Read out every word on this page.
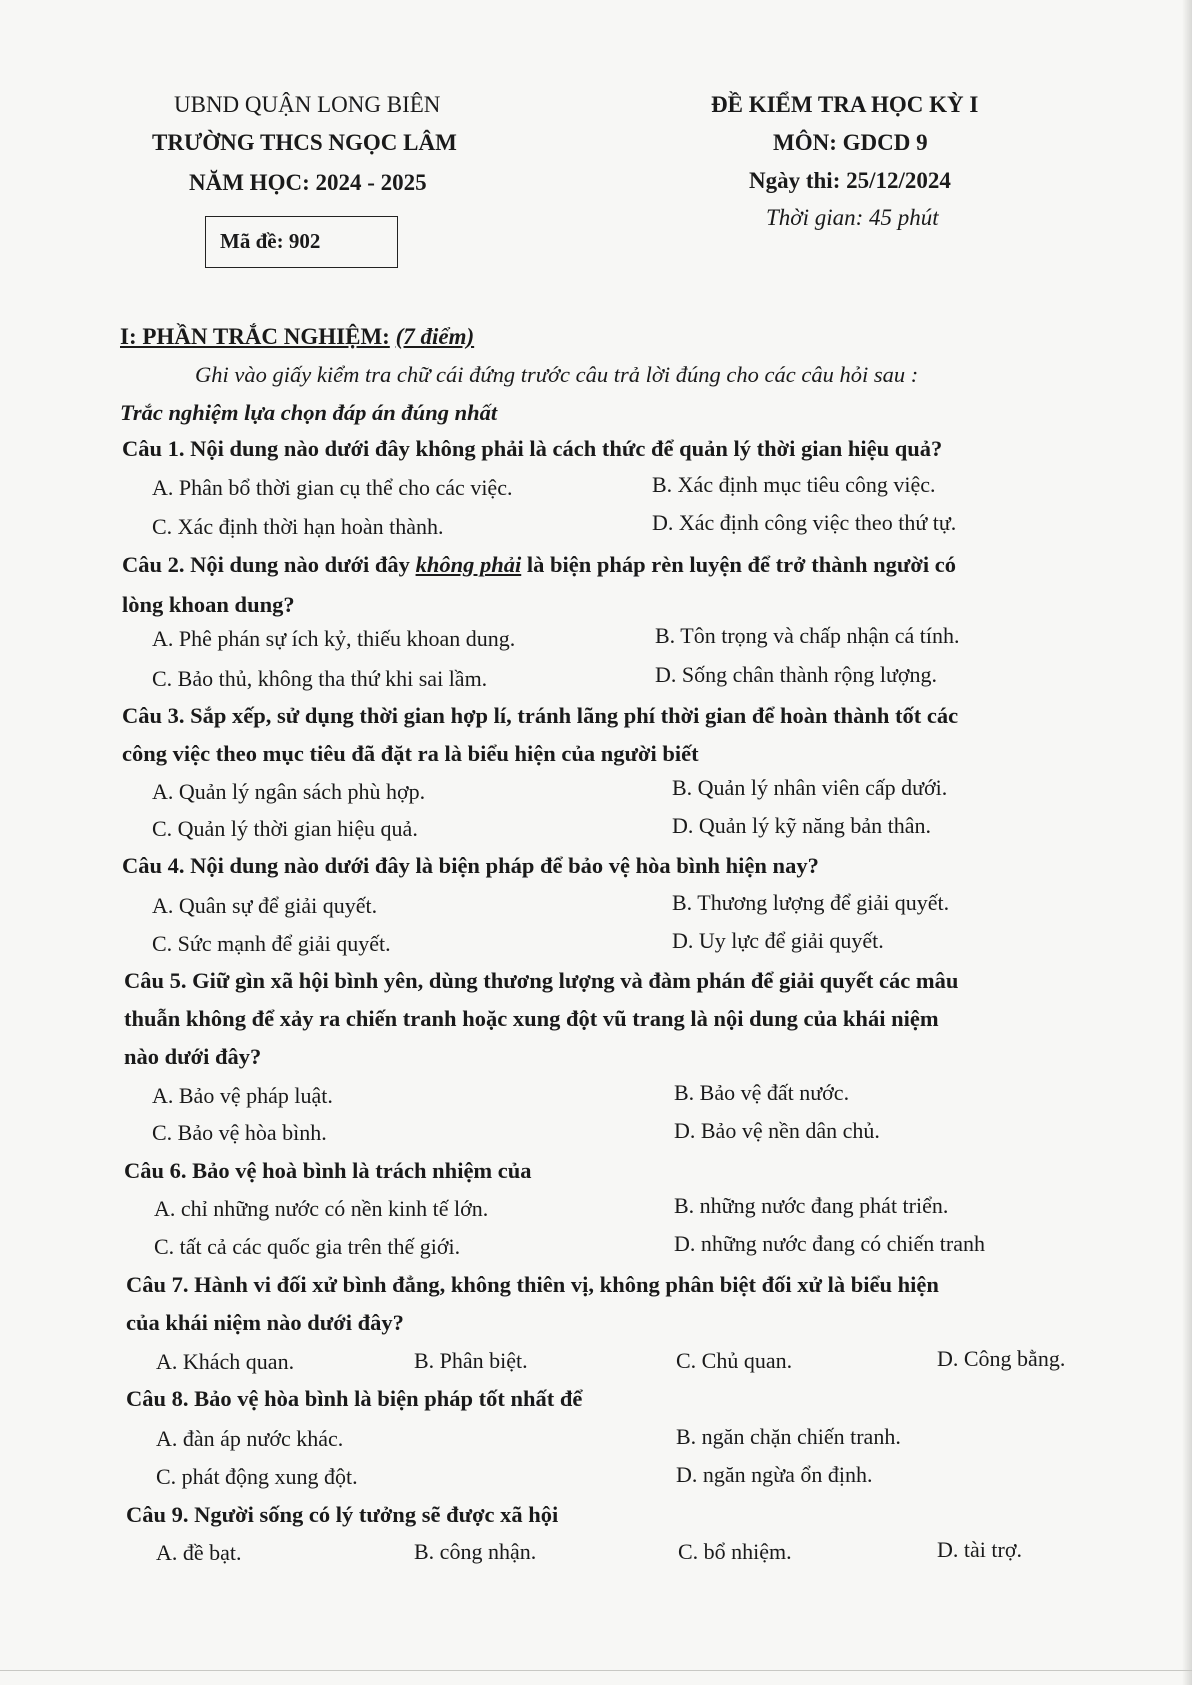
UBND QUẬN LONG BIÊN
TRƯỜNG THCS NGỌC LÂM
NĂM HỌC: 2024 - 2025
Mã đề: 902
ĐỀ KIỂM TRA HỌC KỲ I
MÔN: GDCD 9
Ngày thi: 25/12/2024
Thời gian: 45 phút
I: PHẦN TRẮC NGHIỆM: (7 điểm)
Ghi vào giấy kiểm tra chữ cái đứng trước câu trả lời đúng cho các câu hỏi sau :
Trắc nghiệm lựa chọn đáp án đúng nhất
Câu 1. Nội dung nào dưới đây không phải là cách thức để quản lý thời gian hiệu quả?
A. Phân bổ thời gian cụ thể cho các việc.	B. Xác định mục tiêu công việc.
C. Xác định thời hạn hoàn thành.	D. Xác định công việc theo thứ tự.
Câu 2. Nội dung nào dưới đây không phải là biện pháp rèn luyện để trở thành người có
lòng khoan dung?
A. Phê phán sự ích kỷ, thiếu khoan dung.	B. Tôn trọng và chấp nhận cá tính.
C. Bảo thủ, không tha thứ khi sai lầm.	D. Sống chân thành rộng lượng.
Câu 3. Sắp xếp, sử dụng thời gian hợp lí, tránh lãng phí thời gian để hoàn thành tốt các
công việc theo mục tiêu đã đặt ra là biểu hiện của người biết
A. Quản lý ngân sách phù hợp.	B. Quản lý nhân viên cấp dưới.
C. Quản lý thời gian hiệu quả.	D. Quản lý kỹ năng bản thân.
Câu 4. Nội dung nào dưới đây là biện pháp để bảo vệ hòa bình hiện nay?
A. Quân sự để giải quyết.	B. Thương lượng để giải quyết.
C. Sức mạnh để giải quyết.	D. Uy lực để giải quyết.
Câu 5. Giữ gìn xã hội bình yên, dùng thương lượng và đàm phán để giải quyết các mâu
thuẫn không để xảy ra chiến tranh hoặc xung đột vũ trang là nội dung của khái niệm
nào dưới đây?
A. Bảo vệ pháp luật.	B. Bảo vệ đất nước.
C. Bảo vệ hòa bình.	D. Bảo vệ nền dân chủ.
Câu 6. Bảo vệ hoà bình là trách nhiệm của
A. chỉ những nước có nền kinh tế lớn.	B. những nước đang phát triển.
C. tất cả các quốc gia trên thế giới.	D. những nước đang có chiến tranh
Câu 7. Hành vi đối xử bình đẳng, không thiên vị, không phân biệt đối xử là biểu hiện
của khái niệm nào dưới đây?
A. Khách quan.	B. Phân biệt.	C. Chủ quan.	D. Công bằng.
Câu 8. Bảo vệ hòa bình là biện pháp tốt nhất để
A. đàn áp nước khác.	B. ngăn chặn chiến tranh.
C. phát động xung đột.	D. ngăn ngừa ổn định.
Câu 9. Người sống có lý tưởng sẽ được xã hội
A. đề bạt.	B. công nhận.	C. bổ nhiệm.	D. tài trợ.
